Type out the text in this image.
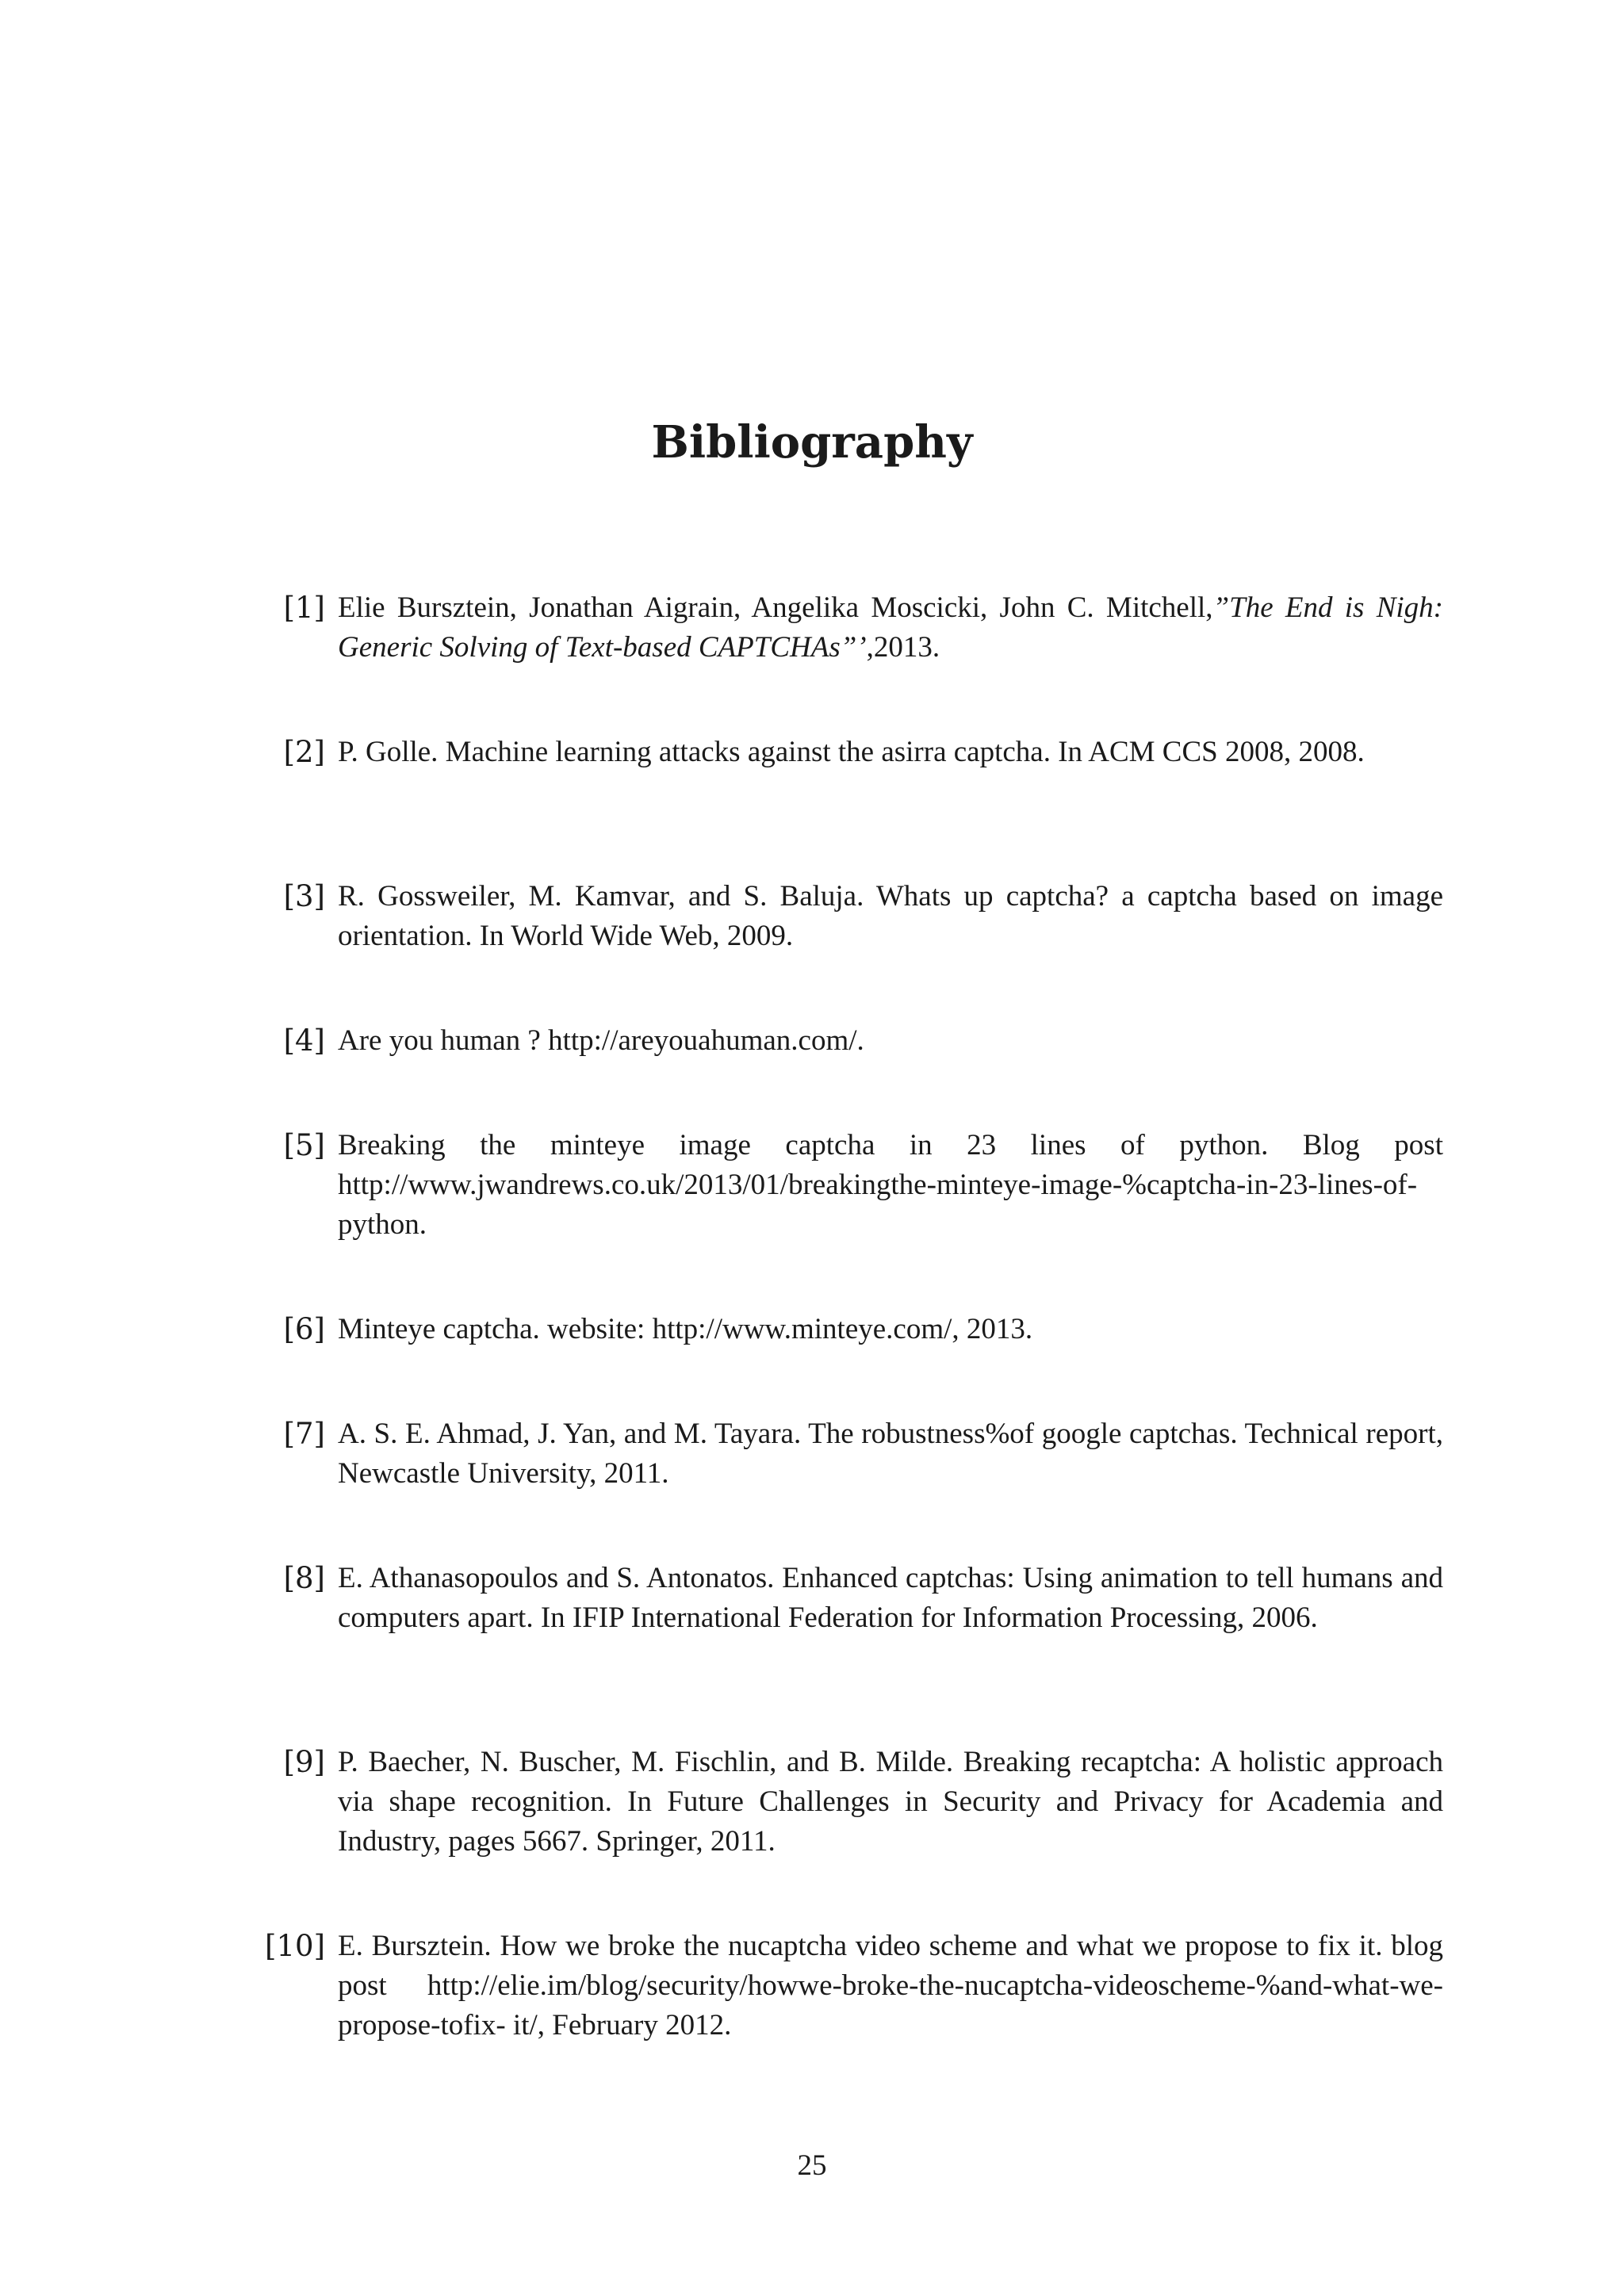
Bibliography
[1] Elie Bursztein, Jonathan Aigrain, Angelika Moscicki, John C. Mitchell,”The End is Nigh: Generic Solving of Text-based CAPTCHAs”’,2013.
[2] P. Golle. Machine learning attacks against the asirra captcha. In ACM CCS 2008, 2008.
[3] R. Gossweiler, M. Kamvar, and S. Baluja. Whats up captcha? a captcha based on image orientation. In World Wide Web, 2009.
[4] Are you human ? http://areyouahuman.com/.
[5] Breaking the minteye image captcha in 23 lines of python. Blog post http://www.jwandrews.co.uk/2013/01/breakingthe-minteye-image-%captcha-in-23-lines-of-python.
[6] Minteye captcha. website: http://www.minteye.com/, 2013.
[7] A. S. E. Ahmad, J. Yan, and M. Tayara. The robustness%of google captchas. Technical report, Newcastle University, 2011.
[8] E. Athanasopoulos and S. Antonatos. Enhanced captchas: Using animation to tell humans and computers apart. In IFIP International Federation for Information Processing, 2006.
[9] P. Baecher, N. Buscher, M. Fischlin, and B. Milde. Breaking recaptcha: A holistic approach via shape recognition. In Future Challenges in Security and Privacy for Academia and Industry, pages 5667. Springer, 2011.
[10] E. Bursztein. How we broke the nucaptcha video scheme and what we propose to fix it. blog post http://elie.im/blog/security/howwe-broke-the-nucaptcha-videoscheme-%and-what-we-propose-tofix- it/, February 2012.
25
